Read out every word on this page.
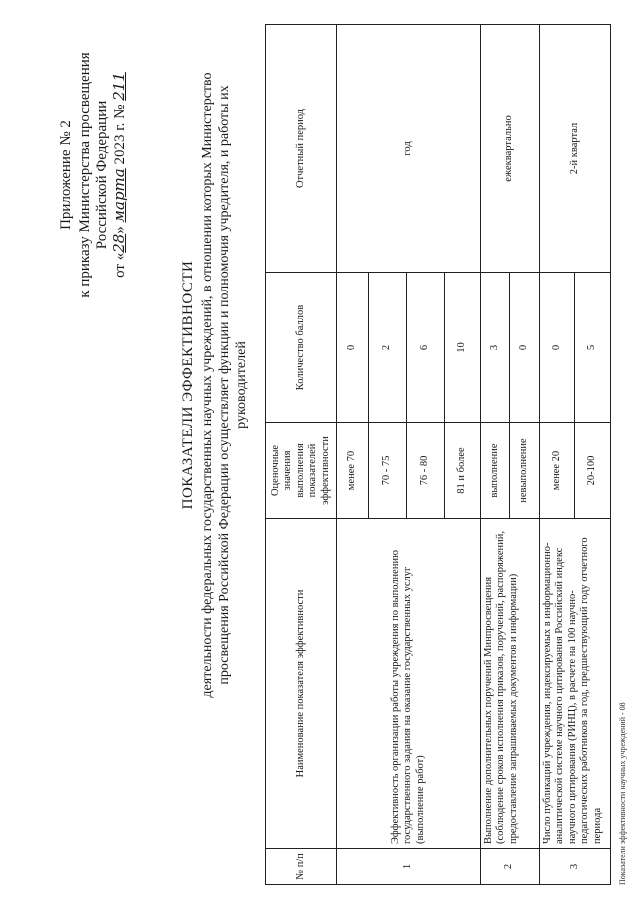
Приложение № 2 к приказу Министерства просвещения Российской Федерации
от «28» марта 2023 г. № 211
ПОКАЗАТЕЛИ ЭФФЕКТИВНОСТИ деятельности федеральных государственных научных учреждений, в отношении которых Министерство просвещения Российской Федерации осуществляет функции и полномочия учредителя, и работы их руководителей
№ п/п	Наименование показателя эффективности	Оценочные значения выполнения показателей эффективности	Количество баллов	Отчетный период
1	Эффективность организации работы учреждения по выполнению государственного задания на оказание государственных услуг (выполнение работ)	менее 70	0	год
		70 - 75	2	
		76 - 80	6	
		81 и более	10	
2	Выполнение дополнительных поручений Минпросвещения (соблюдение сроков исполнения приказов, поручений, распоряжений, предоставление запрашиваемых документов и информации)	выполнение	3	ежеквартально
		невыполнение	0	
3	Число публикаций учреждения, индексируемых в информационно-аналитической системе научного цитирования Российский индекс научного цитирования (РИНЦ), в расчете на 100 научно-педагогических работников за год, предшествующий году отчетного периода	менее 20	0	2-й квартал
		20-100	5	
Показатели эффективности научных учреждений - 08
